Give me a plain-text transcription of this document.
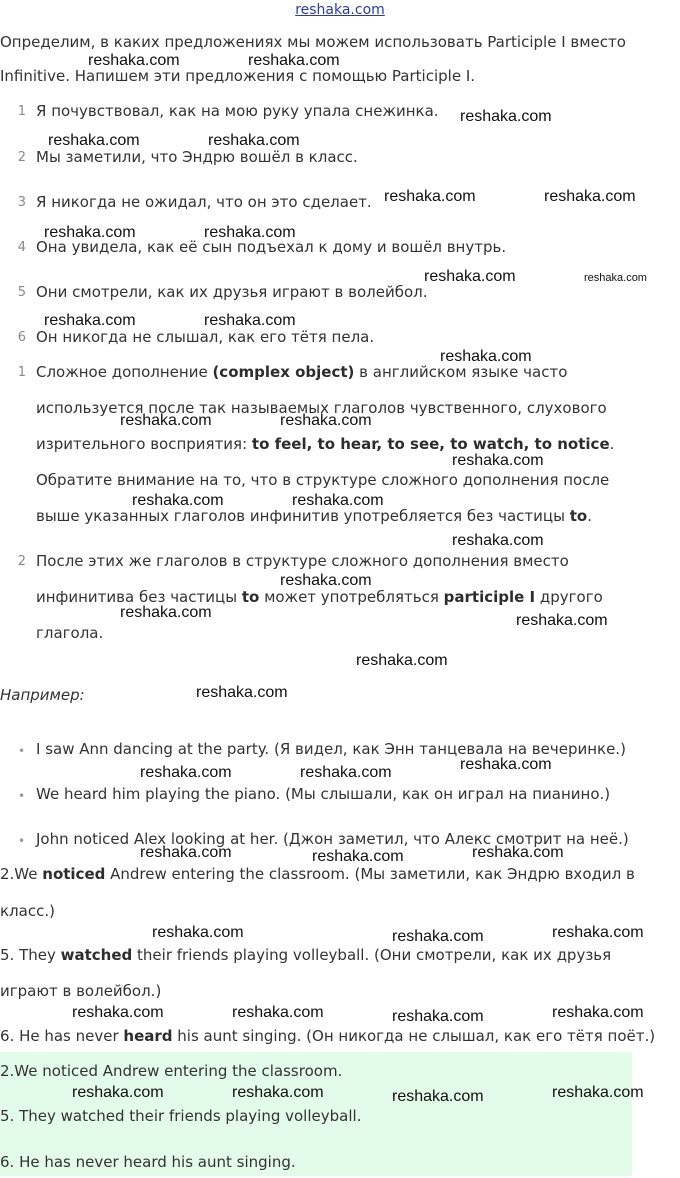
reshaka.com
Определим, в каких предложениях мы можем использовать Participle I вместо
Infinitive. Напишем эти предложения с помощью Participle I.
1 Я почувствовал, как на мою руку упала снежинка.
2 Мы заметили, что Эндрю вошёл в класс.
3 Я никогда не ожидал, что он это сделает.
4 Она увидела, как её сын подъехал к дому и вошёл внутрь.
5 Они смотрели, как их друзья играют в волейбол.
6 Он никогда не слышал, как его тётя пела.
1 Сложное дополнение (complex object) в английском языке часто
используется после так называемых глаголов чувственного, слухового
изрительного восприятия: to feel, to hear, to see, to watch, to notice.
Обратите внимание на то, что в структуре сложного дополнения после
выше указанных глаголов инфинитив употребляется без частицы to.
2 После этих же глаголов в структуре сложного дополнения вместо
инфинитива без частицы to может употребляться participle I другого
глагола.
Например:
• I saw Ann dancing at the party. (Я видел, как Энн танцевала на вечеринке.)
• We heard him playing the piano. (Мы слышали, как он играл на пианино.)
• John noticed Alex looking at her. (Джон заметил, что Алекс смотрит на неё.)
2.We noticed Andrew entering the classroom. (Мы заметили, как Эндрю входил в
класс.)
5. They watched their friends playing volleyball. (Они смотрели, как их друзья
играют в волейбол.)
6. He has never heard his aunt singing. (Он никогда не слышал, как его тётя поёт.)
2.We noticed Andrew entering the classroom.
5. They watched their friends playing volleyball.
6. He has never heard his aunt singing.
reshaka.com	reshaka.com
reshaka.com
reshaka.com	reshaka.com
reshaka.com	reshaka.com
reshaka.com	reshaka.com
reshaka.com	reshaka.com
reshaka.com	reshaka.com
reshaka.com
reshaka.com	reshaka.com
reshaka.com
reshaka.com	reshaka.com
reshaka.com
reshaka.com
reshaka.com	reshaka.com
reshaka.com
reshaka.com
reshaka.com
reshaka.com	reshaka.com
reshaka.com	reshaka.com	reshaka.com
reshaka.com	reshaka.com	reshaka.com
reshaka.com	reshaka.com	reshaka.com	reshaka.com
reshaka.com	reshaka.com	reshaka.com	reshaka.com
